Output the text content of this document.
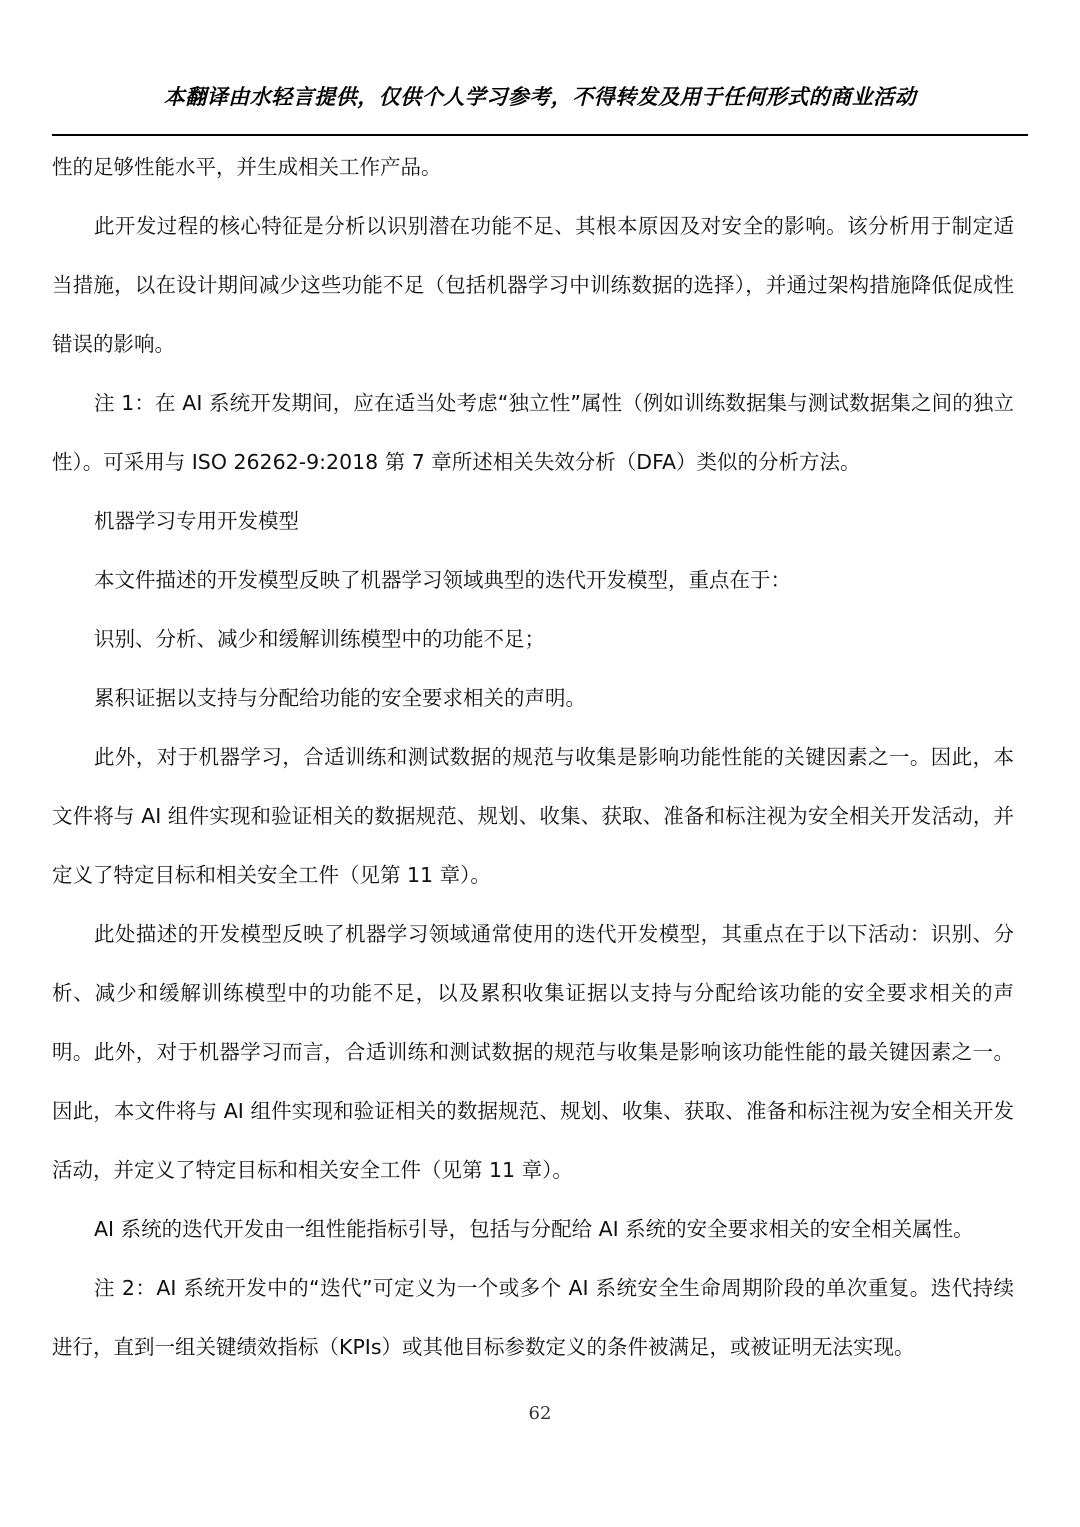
本翻译由水轻言提供，仅供个人学习参考，不得转发及用于任何形式的商业活动

性的足够性能水平，并生成相关工作产品。

此开发过程的核心特征是分析以识别潜在功能不足、其根本原因及对安全的影响。该分析用于制定适当措施，以在设计期间减少这些功能不足（包括机器学习中训练数据的选择），并通过架构措施降低促成性错误的影响。

注 1：在 AI 系统开发期间，应在适当处考虑“独立性”属性（例如训练数据集与测试数据集之间的独立性）。可采用与 ISO 26262-9:2018 第 7 章所述相关失效分析（DFA）类似的分析方法。

机器学习专用开发模型

本文件描述的开发模型反映了机器学习领域典型的迭代开发模型，重点在于：

识别、分析、减少和缓解训练模型中的功能不足；

累积证据以支持与分配给功能的安全要求相关的声明。

此外，对于机器学习，合适训练和测试数据的规范与收集是影响功能性能的关键因素之一。因此，本文件将与 AI 组件实现和验证相关的数据规范、规划、收集、获取、准备和标注视为安全相关开发活动，并定义了特定目标和相关安全工件（见第 11 章）。

此处描述的开发模型反映了机器学习领域通常使用的迭代开发模型，其重点在于以下活动：识别、分析、减少和缓解训练模型中的功能不足，以及累积收集证据以支持与分配给该功能的安全要求相关的声明。此外，对于机器学习而言，合适训练和测试数据的规范与收集是影响该功能性能的最关键因素之一。因此，本文件将与 AI 组件实现和验证相关的数据规范、规划、收集、获取、准备和标注视为安全相关开发活动，并定义了特定目标和相关安全工件（见第 11 章）。

AI 系统的迭代开发由一组性能指标引导，包括与分配给 AI 系统的安全要求相关的安全相关属性。

注 2：AI 系统开发中的“迭代”可定义为一个或多个 AI 系统安全生命周期阶段的单次重复。迭代持续进行，直到一组关键绩效指标（KPIs）或其他目标参数定义的条件被满足，或被证明无法实现。

62
